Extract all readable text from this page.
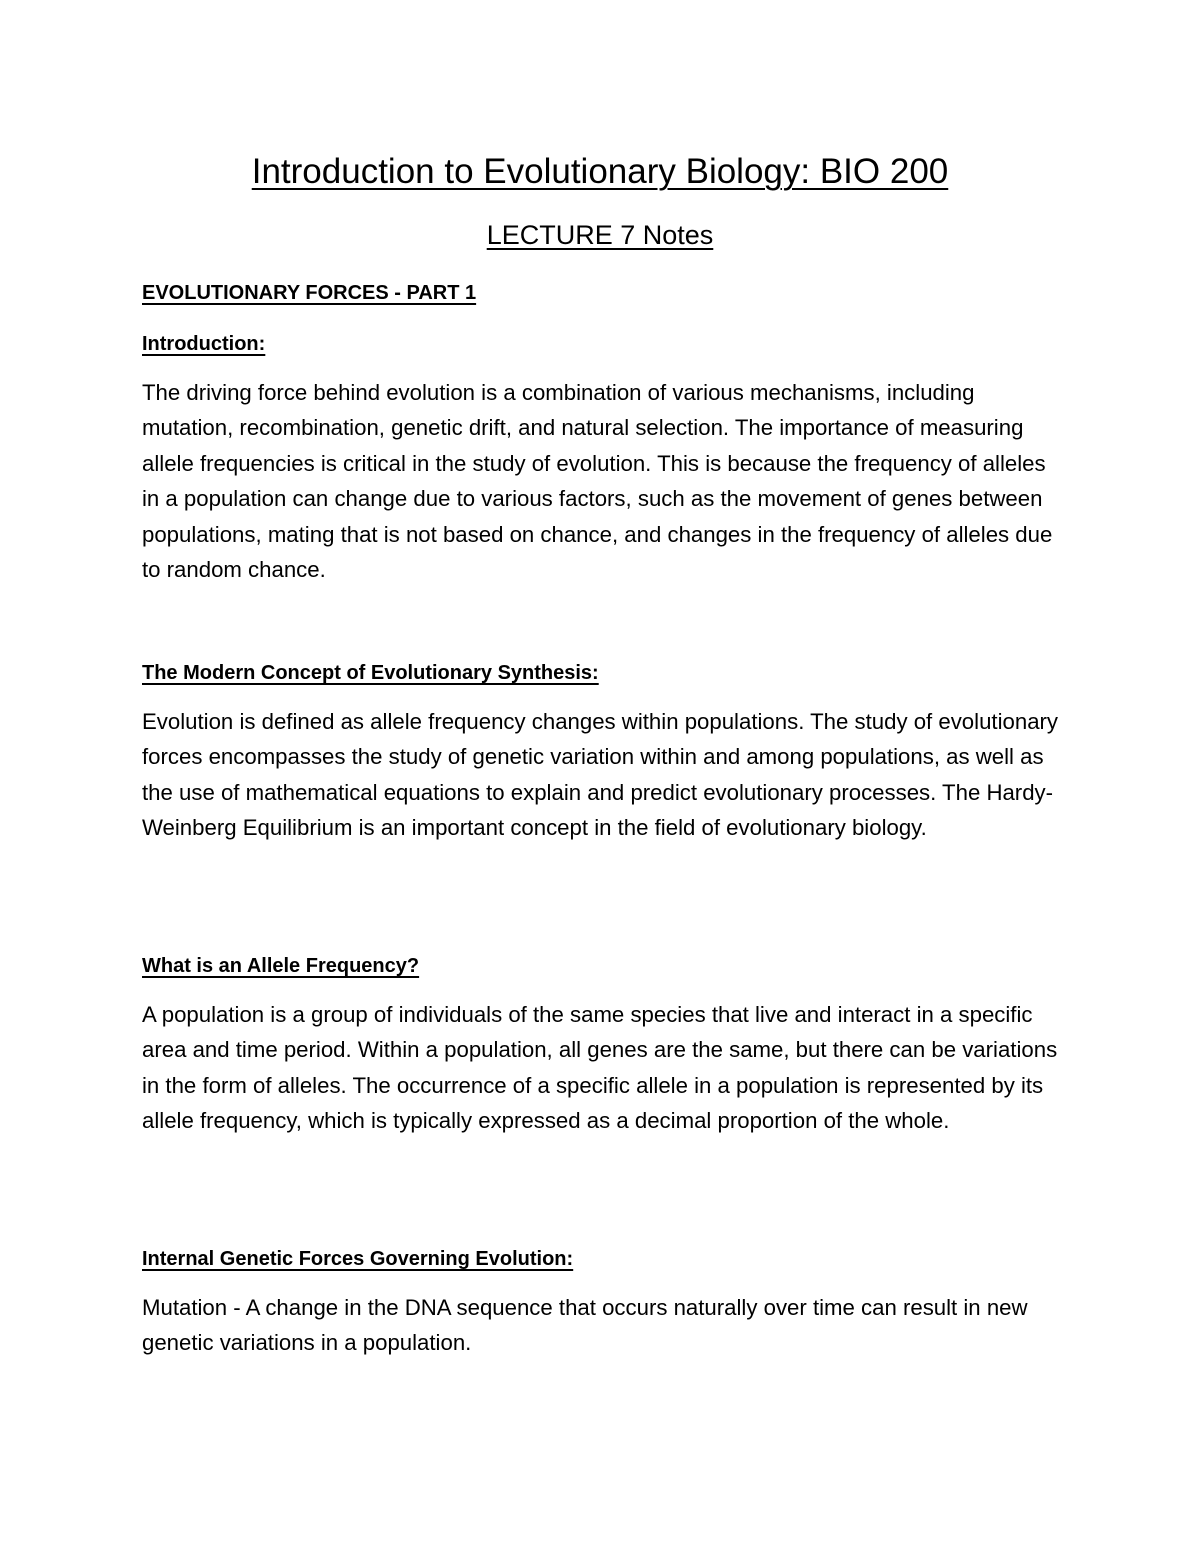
Introduction to Evolutionary Biology: BIO 200
LECTURE 7 Notes
EVOLUTIONARY FORCES - PART 1
Introduction:

The driving force behind evolution is a combination of various mechanisms, including mutation, recombination, genetic drift, and natural selection. The importance of measuring allele frequencies is critical in the study of evolution. This is because the frequency of alleles in a population can change due to various factors, such as the movement of genes between populations, mating that is not based on chance, and changes in the frequency of alleles due to random chance.

The Modern Concept of Evolutionary Synthesis:

Evolution is defined as allele frequency changes within populations. The study of evolutionary forces encompasses the study of genetic variation within and among populations, as well as the use of mathematical equations to explain and predict evolutionary processes. The Hardy-Weinberg Equilibrium is an important concept in the field of evolutionary biology.

What is an Allele Frequency?

A population is a group of individuals of the same species that live and interact in a specific area and time period. Within a population, all genes are the same, but there can be variations in the form of alleles. The occurrence of a specific allele in a population is represented by its allele frequency, which is typically expressed as a decimal proportion of the whole.

Internal Genetic Forces Governing Evolution:

Mutation - A change in the DNA sequence that occurs naturally over time can result in new genetic variations in a population.
